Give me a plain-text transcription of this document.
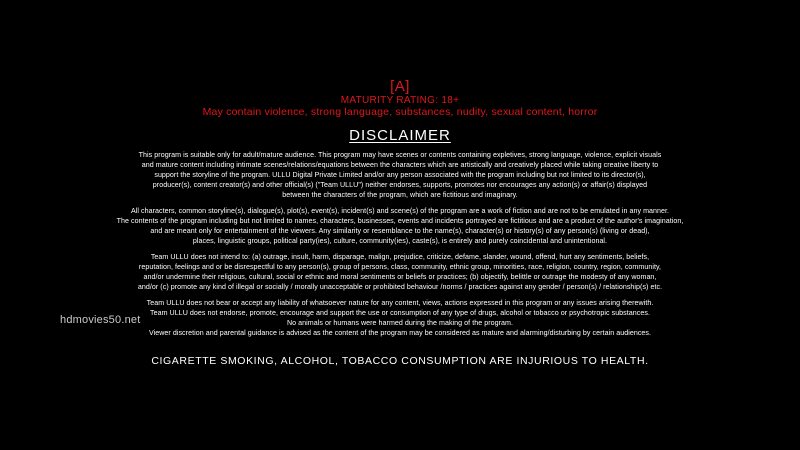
[A]
MATURITY RATING: 18+
May contain violence, strong language, substances, nudity, sexual content, horror
DISCLAIMER
This program is suitable only for adult/mature audience. This program may have scenes or contents containing expletives, strong language, violence, explicit visuals
and mature content including intimate scenes/relations/equations between the characters which are artistically and creatively placed while taking creative liberty to
support the storyline of the program. ULLU Digital Private Limited and/or any person associated with the program including but not limited to its director(s),
producer(s), content creator(s) and other official(s) ("Team ULLU") neither endorses, supports, promotes nor encourages any action(s) or affair(s) displayed
between the characters of the program, which are fictitious and imaginary.
All characters, common storyline(s), dialogue(s), plot(s), event(s), incident(s) and scene(s) of the program are a work of fiction and are not to be emulated in any manner.
The contents of the program including but not limited to names, characters, businesses, events and incidents portrayed are fictitious and are a product of the author's imagination,
and are meant only for entertainment of the viewers. Any similarity or resemblance to the name(s), character(s) or history(s) of any person(s) (living or dead),
places, linguistic groups, political party(ies), culture, community(ies), caste(s), is entirely and purely coincidental and unintentional.
Team ULLU does not intend to: (a) outrage, insult, harm, disparage, malign, prejudice, criticize, defame, slander, wound, offend, hurt any sentiments, beliefs,
reputation, feelings and or be disrespectful to any person(s), group of persons, class, community, ethnic group, minorities, race, religion, country, region, community,
and/or undermine their religious, cultural, social or ethnic and moral sentiments or beliefs or practices; (b) objectify, belittle or outrage the modesty of any woman,
and/or (c) promote any kind of illegal or socially / morally unacceptable or prohibited behaviour /norms / practices against any gender / person(s) / relationship(s) etc.
Team ULLU does not bear or accept any liability of whatsoever nature for any content, views, actions expressed in this program or any issues arising therewith.
Team ULLU does not endorse, promote, encourage and support the use or consumption of any type of drugs, alcohol or tobacco or psychotropic substances.
No animals or humans were harmed during the making of the program.
Viewer discretion and parental guidance is advised as the content of the program may be considered as mature and alarming/disturbing by certain audiences.
hdmovies50.net
CIGARETTE SMOKING, ALCOHOL, TOBACCO CONSUMPTION ARE INJURIOUS TO HEALTH.
